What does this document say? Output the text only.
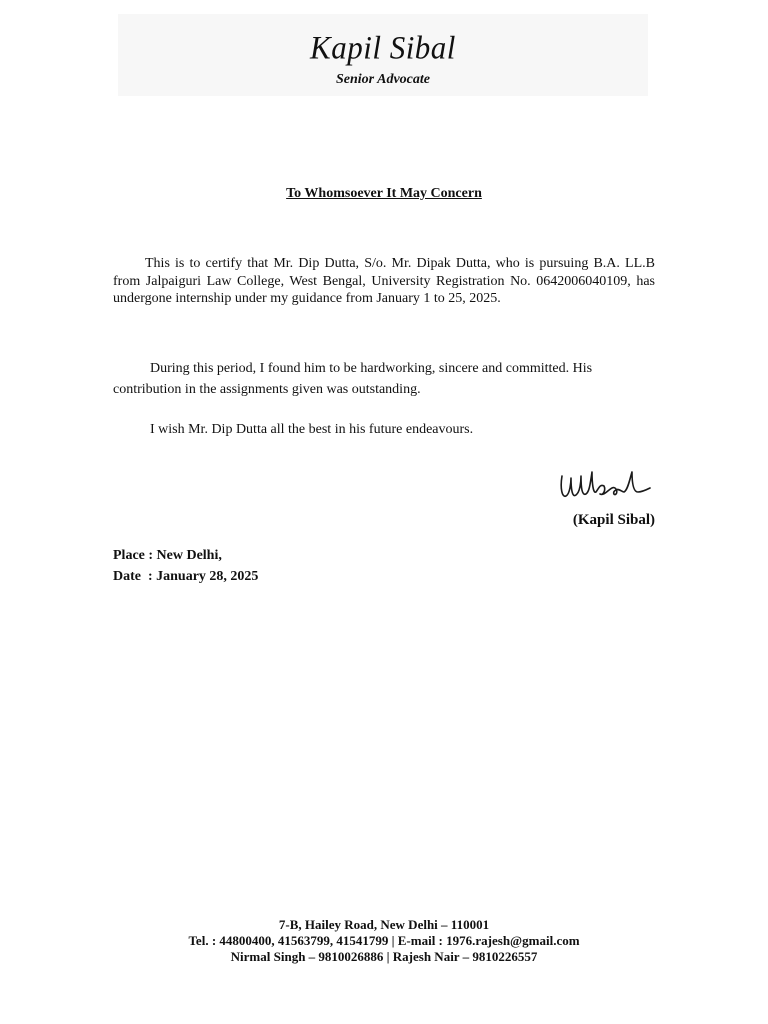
Kapil Sibal
Senior Advocate
To Whomsoever It May Concern
This is to certify that Mr. Dip Dutta, S/o. Mr. Dipak Dutta, who is pursuing B.A. LL.B from Jalpaiguri Law College, West Bengal, University Registration No. 0642006040109, has undergone internship under my guidance from January 1 to 25, 2025.
During this period, I found him to be hardworking, sincere and committed. His contribution in the assignments given was outstanding.
I wish Mr. Dip Dutta all the best in his future endeavours.
(Kapil Sibal)
Place : New Delhi,
Date  : January 28, 2025
7-B, Hailey Road, New Delhi – 110001
Tel. : 44800400, 41563799, 41541799 | E-mail : 1976.rajesh@gmail.com
Nirmal Singh – 9810026886 | Rajesh Nair – 9810226557
